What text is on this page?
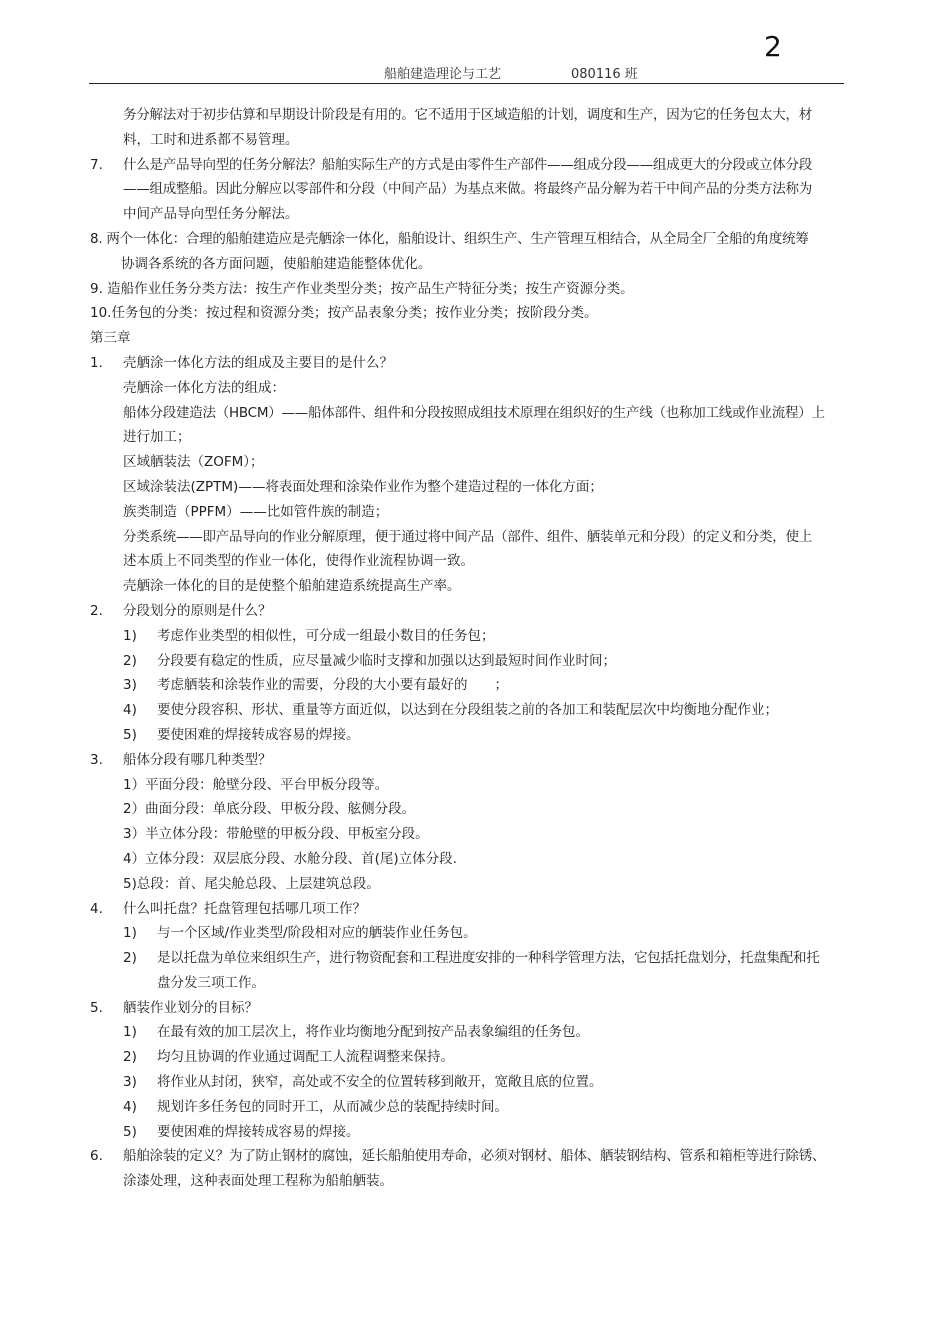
2
船舶建造理论与工艺	080116 班
务分解法对于初步估算和早期设计阶段是有用的。它不适用于区域造船的计划，调度和生产，因为它的任务包太大，材
料，工时和进系都不易管理。
7. 什么是产品导向型的任务分解法？船舶实际生产的方式是由零件生产部件——组成分段——组成更大的分段或立体分段
——组成整船。因此分解应以零部件和分段（中间产品）为基点来做。将最终产品分解为若干中间产品的分类方法称为
中间产品导向型任务分解法。
8. 两个一体化：合理的船舶建造应是壳舾涂一体化，船舶设计、组织生产、生产管理互相结合，从全局全厂全船的角度统筹
协调各系统的各方面问题，使船舶建造能整体优化。
9. 造船作业任务分类方法：按生产作业类型分类；按产品生产特征分类；按生产资源分类。
10.任务包的分类：按过程和资源分类；按产品表象分类；按作业分类；按阶段分类。
第三章
1. 壳舾涂一体化方法的组成及主要目的是什么？
壳舾涂一体化方法的组成：
船体分段建造法（HBCM）——船体部件、组件和分段按照成组技术原理在组织好的生产线（也称加工线或作业流程）上
进行加工；
区域舾装法（ZOFM）；
区域涂装法(ZPTM)——将表面处理和涂染作业作为整个建造过程的一体化方面；
族类制造（PPFM）——比如管件族的制造；
分类系统——即产品导向的作业分解原理，便于通过将中间产品（部件、组件、舾装单元和分段）的定义和分类，使上
述本质上不同类型的作业一体化，使得作业流程协调一致。
壳舾涂一体化的目的是使整个船舶建造系统提高生产率。
2. 分段划分的原则是什么？
1) 考虑作业类型的相似性，可分成一组最小数目的任务包；
2) 分段要有稳定的性质，应尽量减少临时支撑和加强以达到最短时间作业时间；
3) 考虑舾装和涂装作业的需要，分段的大小要有最好的　　；
4) 要使分段容积、形状、重量等方面近似，以达到在分段组装之前的各加工和装配层次中均衡地分配作业；
5) 要使困难的焊接转成容易的焊接。
3. 船体分段有哪几种类型？
1）平面分段：舱壁分段、平台甲板分段等。
2）曲面分段：单底分段、甲板分段、舷侧分段。
3）半立体分段：带舱壁的甲板分段、甲板室分段。
4）立体分段：双层底分段、水舱分段、首(尾)立体分段.
5)总段：首、尾尖舱总段、上层建筑总段。
4. 什么叫托盘？托盘管理包括哪几项工作？
1) 与一个区域/作业类型/阶段相对应的舾装作业任务包。
2) 是以托盘为单位来组织生产，进行物资配套和工程进度安排的一种科学管理方法，它包括托盘划分，托盘集配和托
盘分发三项工作。
5. 舾装作业划分的目标？
1) 在最有效的加工层次上，将作业均衡地分配到按产品表象编组的任务包。
2) 均匀且协调的作业通过调配工人流程调整来保持。
3) 将作业从封闭，狭窄，高处或不安全的位置转移到敞开，宽敞且底的位置。
4) 规划许多任务包的同时开工，从而减少总的装配持续时间。
5) 要使困难的焊接转成容易的焊接。
6. 船舶涂装的定义？为了防止钢材的腐蚀，延长船舶使用寿命，必须对钢材、船体、舾装钢结构、管系和箱柜等进行除锈、
涂漆处理，这种表面处理工程称为船舶舾装。
